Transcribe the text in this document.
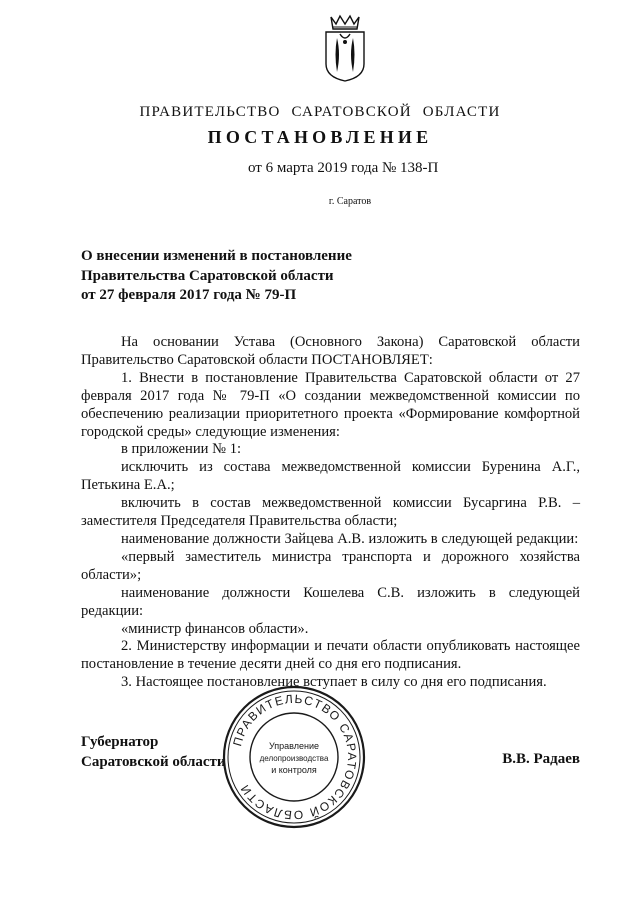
ПРАВИТЕЛЬСТВО САРАТОВСКОЙ ОБЛАСТИ
ПОСТАНОВЛЕНИЕ
от 6 марта 2019 года № 138-П
г. Саратов
О внесении изменений в постановление
Правительства Саратовской области
от 27 февраля 2017 года № 79-П
На основании Устава (Основного Закона) Саратовской области Правительство Саратовской области ПОСТАНОВЛЯЕТ:
1. Внести в постановление Правительства Саратовской области от 27 февраля 2017 года № 79-П «О создании межведомственной комиссии по обеспечению реализации приоритетного проекта «Формирование комфортной городской среды» следующие изменения:
в приложении № 1:
исключить из состава межведомственной комиссии Буренина А.Г., Петькина Е.А.;
включить в состав межведомственной комиссии Бусаргина Р.В. – заместителя Председателя Правительства области;
наименование должности Зайцева А.В. изложить в следующей редакции:
«первый заместитель министра транспорта и дорожного хозяйства области»;
наименование должности Кошелева С.В. изложить в следующей редакции:
«министр финансов области».
2. Министерству информации и печати области опубликовать настоящее постановление в течение десяти дней со дня его подписания.
3. Настоящее постановление вступает в силу со дня его подписания.
Губернатор
Саратовской области	В.В. Радаев
ПРАВИТЕЛЬСТВО САРАТОВСКОЙ ОБЛАСТИ
Управление
делопроизводства
и контроля
